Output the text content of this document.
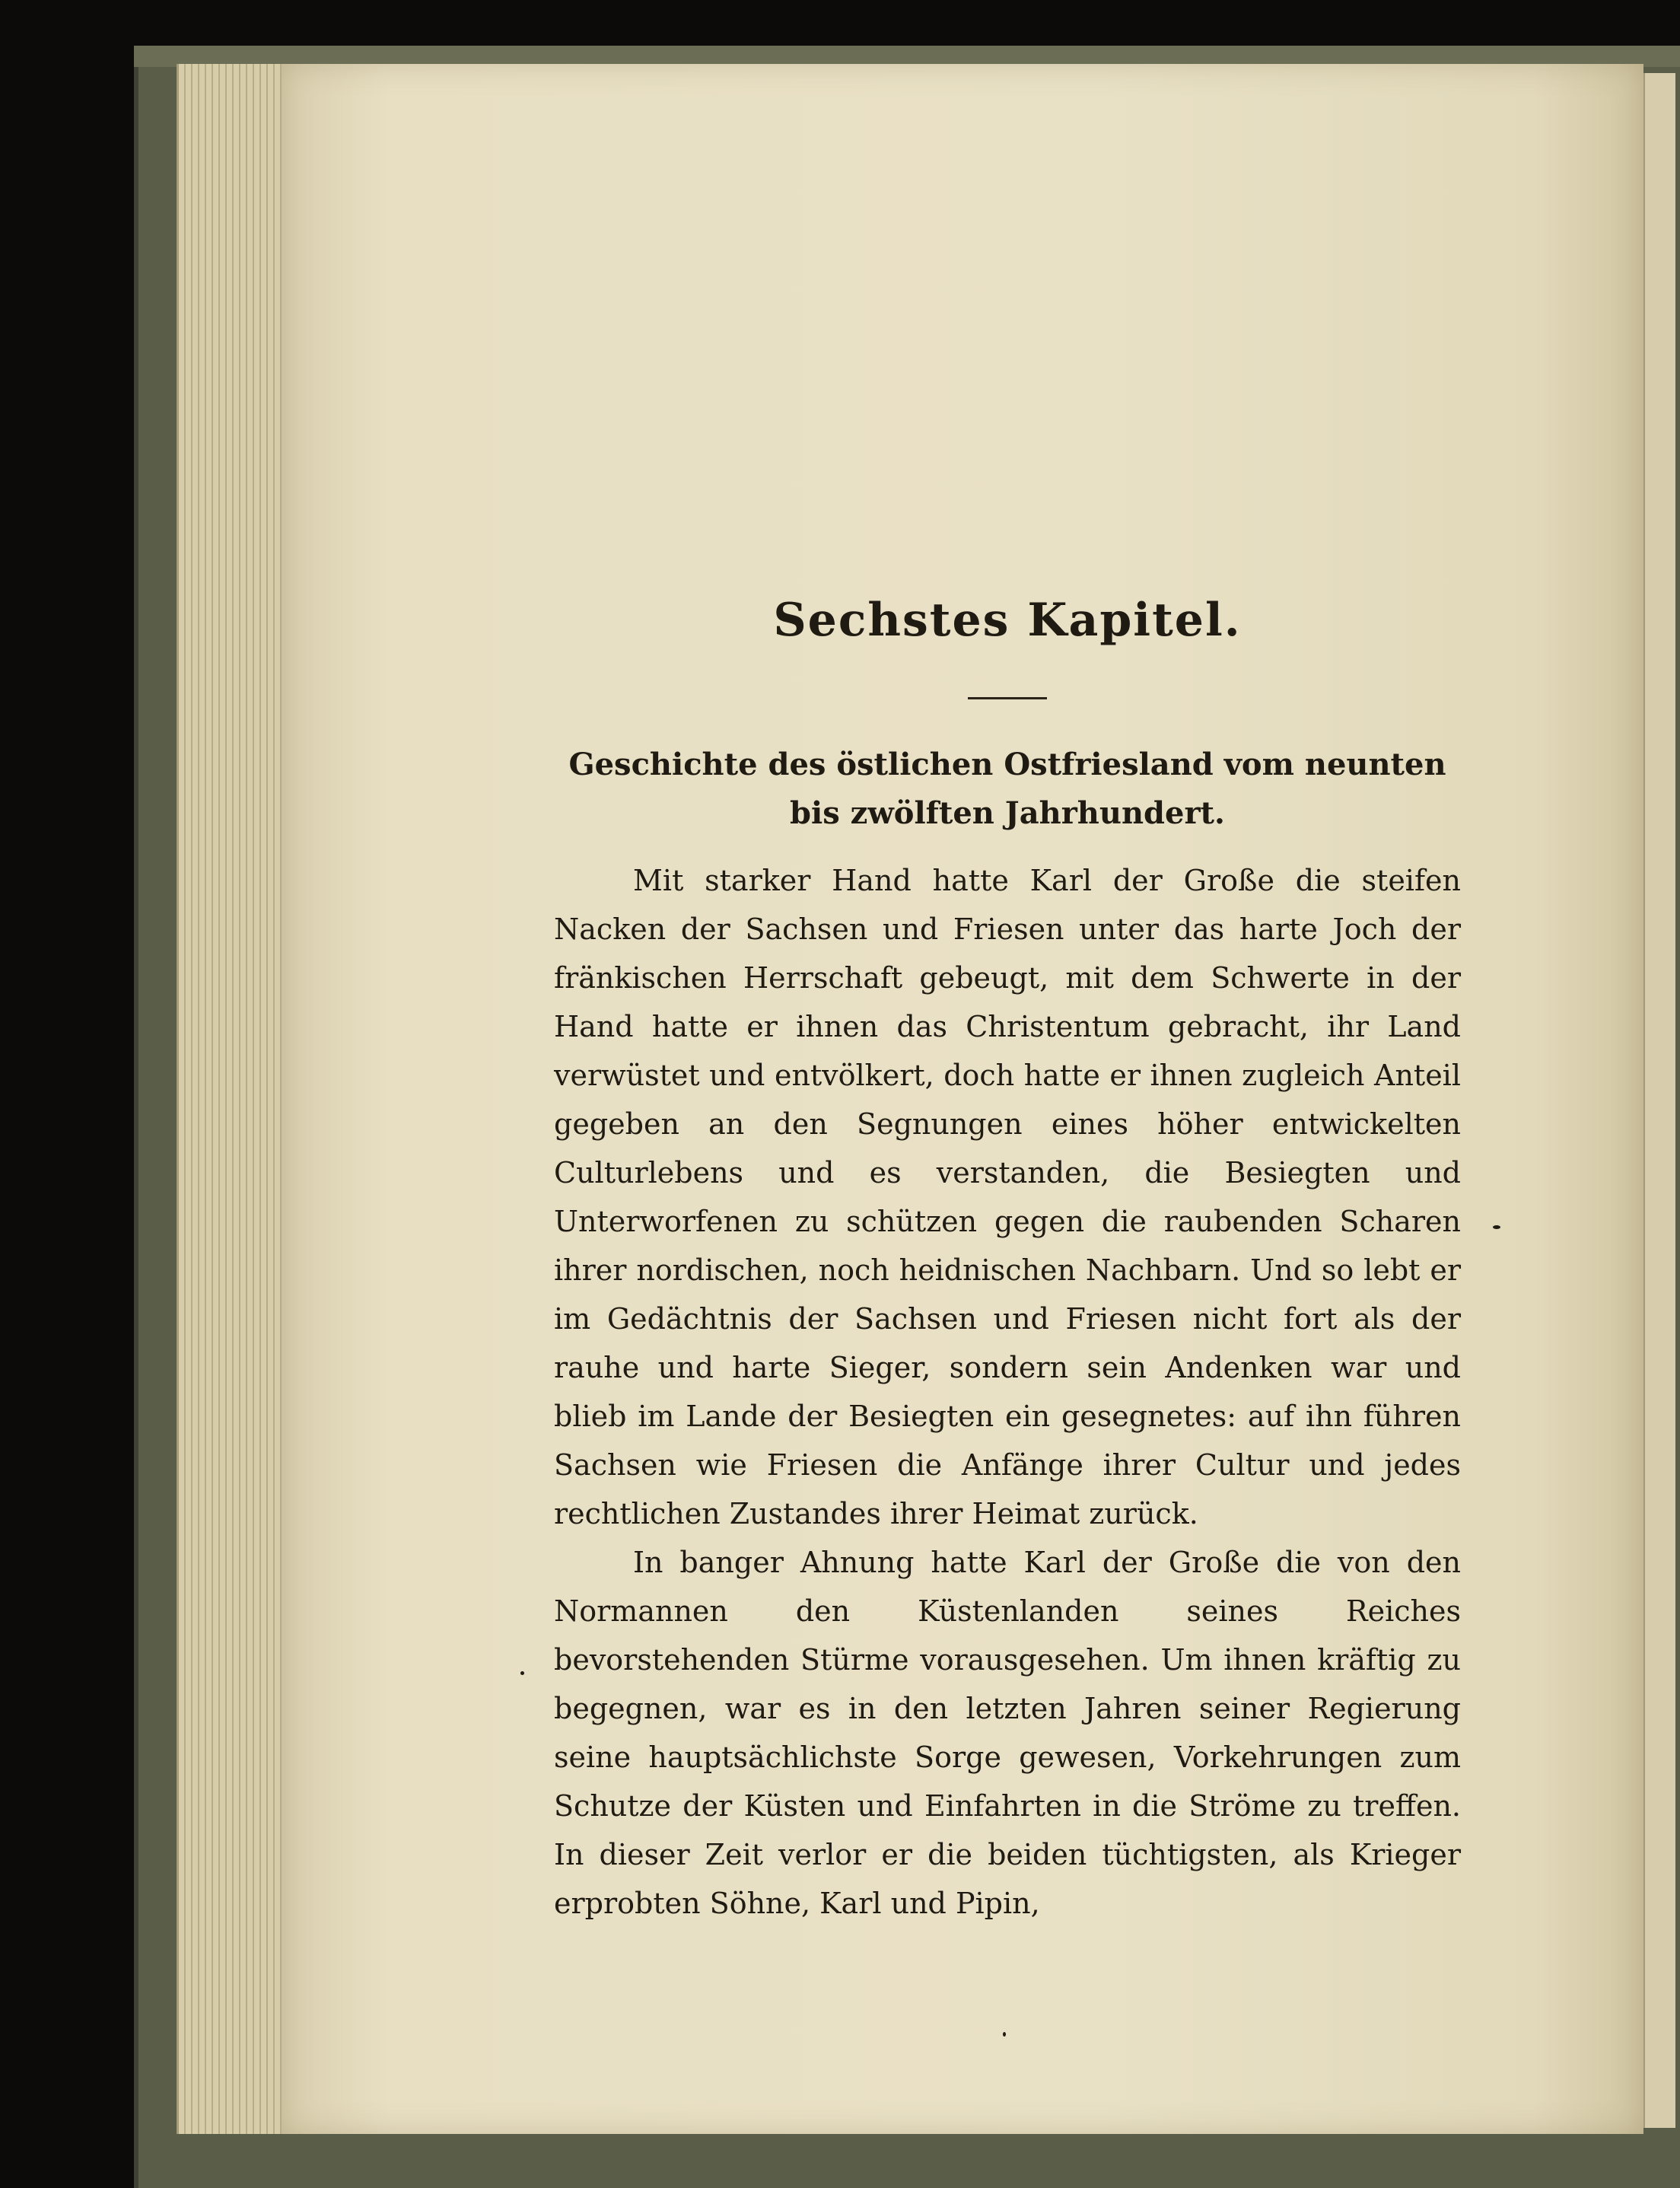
Sechstes Kapitel.

Geschichte des östlichen Ostfriesland vom neunten bis zwölften Jahrhundert.

Mit starker Hand hatte Karl der Große die steifen Nacken der Sachsen und Friesen unter das harte Joch der fränkischen Herrschaft gebeugt, mit dem Schwerte in der Hand hatte er ihnen das Christentum gebracht, ihr Land verwüstet und entvölkert, doch hatte er ihnen zugleich Anteil gegeben an den Segnungen eines höher entwickelten Culturlebens und es verstanden, die Besiegten und Unterworfenen zu schützen gegen die raubenden Scharen ihrer nordischen, noch heidnischen Nachbarn. Und so lebt er im Gedächtnis der Sachsen und Friesen nicht fort als der rauhe und harte Sieger, sondern sein Andenken war und blieb im Lande der Besiegten ein gesegnetes: auf ihn führen Sachsen wie Friesen die Anfänge ihrer Cultur und jedes rechtlichen Zustandes ihrer Heimat zurück.

In banger Ahnung hatte Karl der Große die von den Normannen den Küstenlanden seines Reiches bevorstehenden Stürme vorausgesehen. Um ihnen kräftig zu begegnen, war es in den letzten Jahren seiner Regierung seine hauptsächlichste Sorge gewesen, Vorkehrungen zum Schutze der Küsten und Einfahrten in die Ströme zu treffen. In dieser Zeit verlor er die beiden tüchtigsten, als Krieger erprobten Söhne, Karl und Pipin,
